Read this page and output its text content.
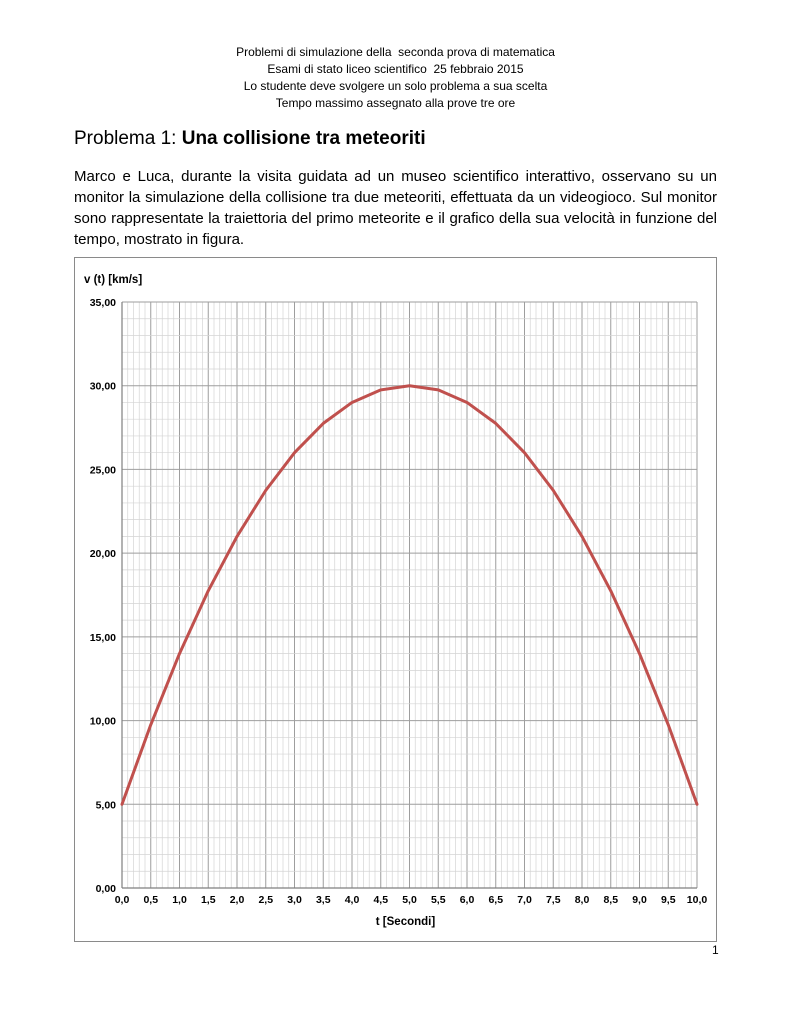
Problemi di simulazione della  seconda prova di matematica
Esami di stato liceo scientifico  25 febbraio 2015
Lo studente deve svolgere un solo problema a sua scelta
Tempo massimo assegnato alla prove tre ore
Problema 1: Una collisione tra meteoriti
Marco e Luca, durante la visita guidata ad un museo scientifico interattivo, osservano su un monitor la simulazione della collisione tra due meteoriti, effettuata da un videogioco. Sul monitor sono rappresentate la traiettoria del primo meteorite e il grafico della sua velocità in funzione del tempo, mostrato in figura.
0,0 0,5 1,0 1,5 2,0 2,5 3,0 3,5 4,0 4,5 5,0 5,5 6,0 6,5 7,0 7,5 8,0 8,5 9,0 9,5 10,0
0,00
5,00
10,00
15,00
20,00
25,00
30,00
35,00
v (t) [km/s]
t [Secondi]
1
